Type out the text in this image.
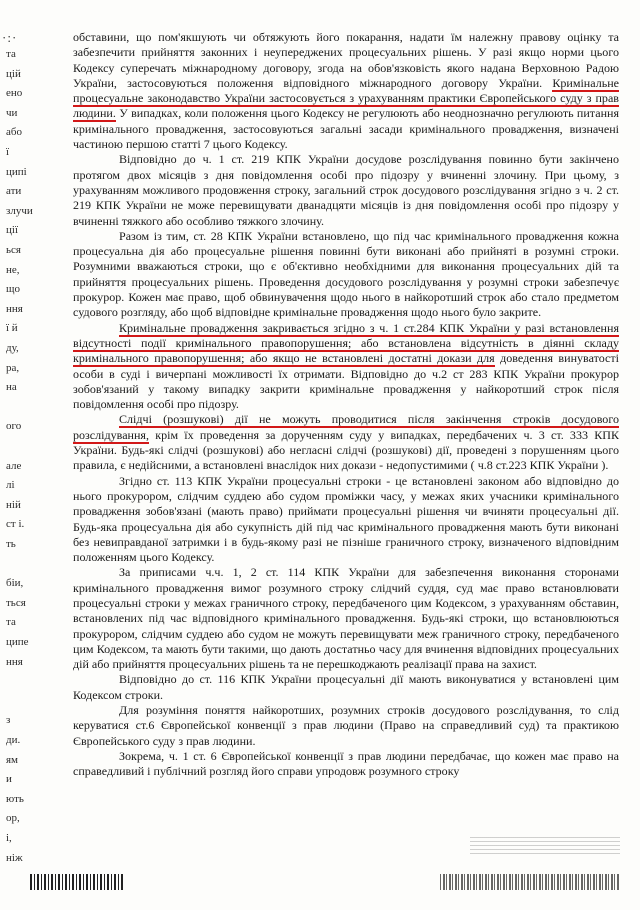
·:·
та
цій
ено
чи
або
ї
ципі
ати
злучи
ції
ься
не,
що
ння
ї й
ду,
ра,
на
ого
але
лі
ній
ст і.
ть
біи,
ться
та
ципе
ння
з
ди.
ям
и
ють
ор,
і,
ніж

обставини, що пом'якшують чи обтяжують його покарання, надати їм належну правову оцінку та забезпечити прийняття законних і неупереджених процесуальних рішень. У разі якщо норми цього Кодексу суперечать міжнародному договору, згода на обов'язковість якого надана Верховною Радою України, застосовуються положення відповідного міжнародного договору України. Кримінальне процесуальне законодавство України застосовується з урахуванням практики Європейського суду з прав людини. У випадках, коли положення цього Кодексу не регулюють або неоднозначно регулюють питання кримінального провадження, застосовуються загальні засади кримінального провадження, визначені частиною першою статті 7 цього Кодексу.

Відповідно до ч. 1 ст. 219 КПК України досудове розслідування повинно бути закінчено протягом двох місяців з дня повідомлення особі про підозру у вчиненні злочину. При цьому, з урахуванням можливого продовження строку, загальний строк досудового розслідування згідно з ч. 2 ст. 219 КПК України не може перевищувати дванадцяти місяців із дня повідомлення особі про підозру у вчиненні тяжкого або особливо тяжкого злочину.

Разом із тим, ст. 28 КПК України встановлено, що під час кримінального провадження кожна процесуальна дія або процесуальне рішення повинні бути виконані або прийняті в розумні строки. Розумними вважаються строки, що є об'єктивно необхідними для виконання процесуальних дій та прийняття процесуальних рішень. Проведення досудового розслідування у розумні строки забезпечує прокурор. Кожен має право, щоб обвинувачення щодо нього в найкоротший строк або стало предметом судового розгляду, або щоб відповідне кримінальне провадження щодо нього було закрите.

Кримінальне провадження закривається згідно з ч. 1 ст.284 КПК України у разі встановлення відсутності події кримінального правопорушення; або встановлена відсутність в діянні складу кримінального правопорушення; або якщо не встановлені достатні докази для доведення винуватості особи в суді і вичерпані можливості їх отримати. Відповідно до ч.2 ст 283 КПК України прокурор зобов'язаний у такому випадку закрити кримінальне провадження у найкоротший строк після повідомлення особі про підозру.

Слідчі (розшукові) дії не можуть проводитися після закінчення строків досудового розслідування, крім їх проведення за дорученням суду у випадках, передбачених ч. 3 ст. 333 КПК України. Будь-які слідчі (розшукові) або негласні слідчі (розшукові) дії, проведені з порушенням цього правила, є недійсними, а встановлені внаслідок них докази - недопустимими ( ч.8 ст.223 КПК України ).

Згідно ст. 113 КПК України процесуальні строки - це встановлені законом або відповідно до нього прокурором, слідчим суддею або судом проміжки часу, у межах яких учасники кримінального провадження зобов'язані (мають право) приймати процесуальні рішення чи вчиняти процесуальні дії. Будь-яка процесуальна дія або сукупність дій під час кримінального провадження мають бути виконані без невиправданої затримки і в будь-якому разі не пізніше граничного строку, визначеного відповідним положенням цього Кодексу.

За приписами ч.ч. 1, 2 ст. 114 КПК України для забезпечення виконання сторонами кримінального провадження вимог розумного строку слідчий суддя, суд має право встановлювати процесуальні строки у межах граничного строку, передбаченого цим Кодексом, з урахуванням обставин, встановлених під час відповідного кримінального провадження. Будь-які строки, що встановлюються прокурором, слідчим суддею або судом не можуть перевищувати меж граничного строку, передбаченого цим Кодексом, та мають бути такими, що дають достатньо часу для вчинення відповідних процесуальних дій або прийняття процесуальних рішень та не перешкоджають реалізації права на захист.

Відповідно до ст. 116 КПК України процесуальні дії мають виконуватися у встановлені цим Кодексом строки.

Для розуміння поняття найкоротших, розумних строків досудового розслідування, то слід керуватися ст.6 Європейської конвенції з прав людини (Право на справедливий суд) та практикою Європейського суду з прав людини.

Зокрема, ч. 1 ст. 6 Європейської конвенції з прав людини передбачає, що кожен має право на справедливий і публічний розгляд його справи упродовж розумного строку
